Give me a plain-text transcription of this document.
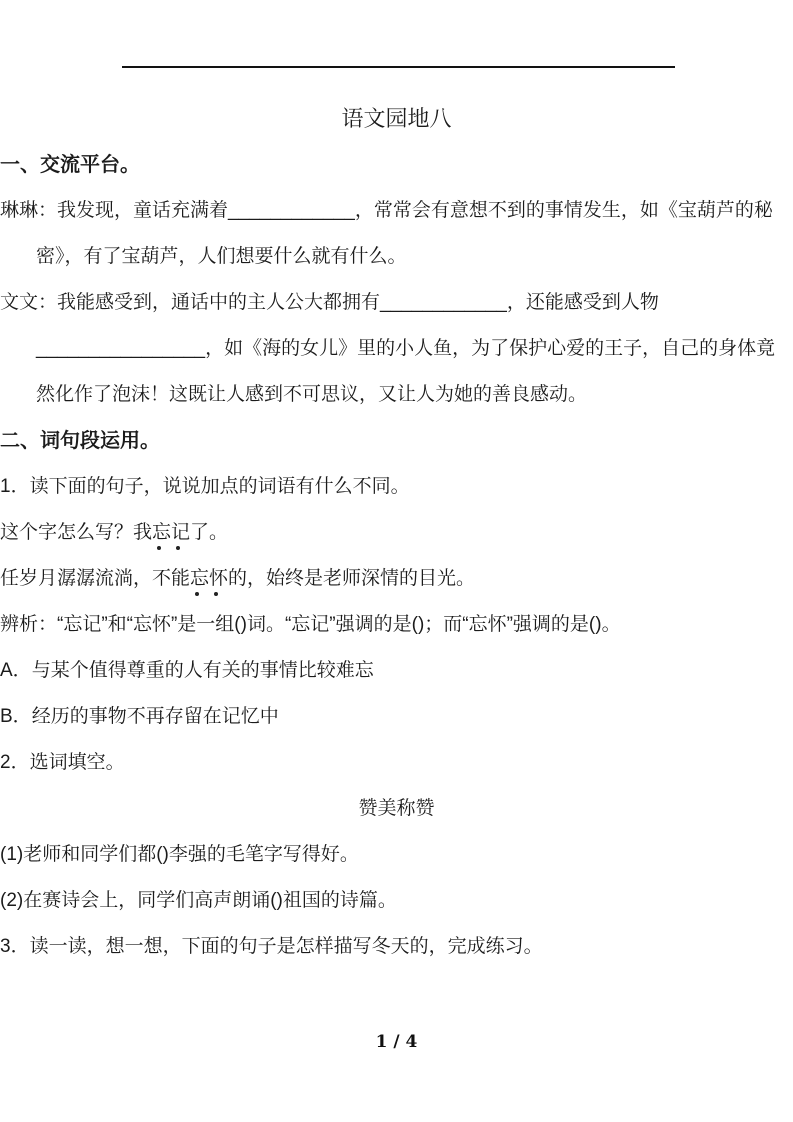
语文园地八
一、交流平台。

琳琳：我发现，童话充满着____________，常常会有意想不到的事情发生，如《宝葫芦的秘密》，有了宝葫芦，人们想要什么就有什么。

文文：我能感受到，通话中的主人公大都拥有____________，还能感受到人物________________，如《海的女儿》里的小人鱼，为了保护心爱的王子，自己的身体竟然化作了泡沫！这既让人感到不可思议，又让人为她的善良感动。

二、词句段运用。

1．读下面的句子，说说加点的词语有什么不同。

这个字怎么写？我忘记了。

任岁月潺潺流淌，不能忘怀的，始终是老师深情的目光。

辨析：“忘记”和“忘怀”是一组()词。“忘记”强调的是()；而“忘怀”强调的是()。

A．与某个值得尊重的人有关的事情比较难忘

B．经历的事物不再存留在记忆中

2．选词填空。

赞美称赞

(1)老师和同学们都()李强的毛笔字写得好。

(2)在赛诗会上，同学们高声朗诵()祖国的诗篇。

3．读一读，想一想，下面的句子是怎样描写冬天的，完成练习。

1 / 4
